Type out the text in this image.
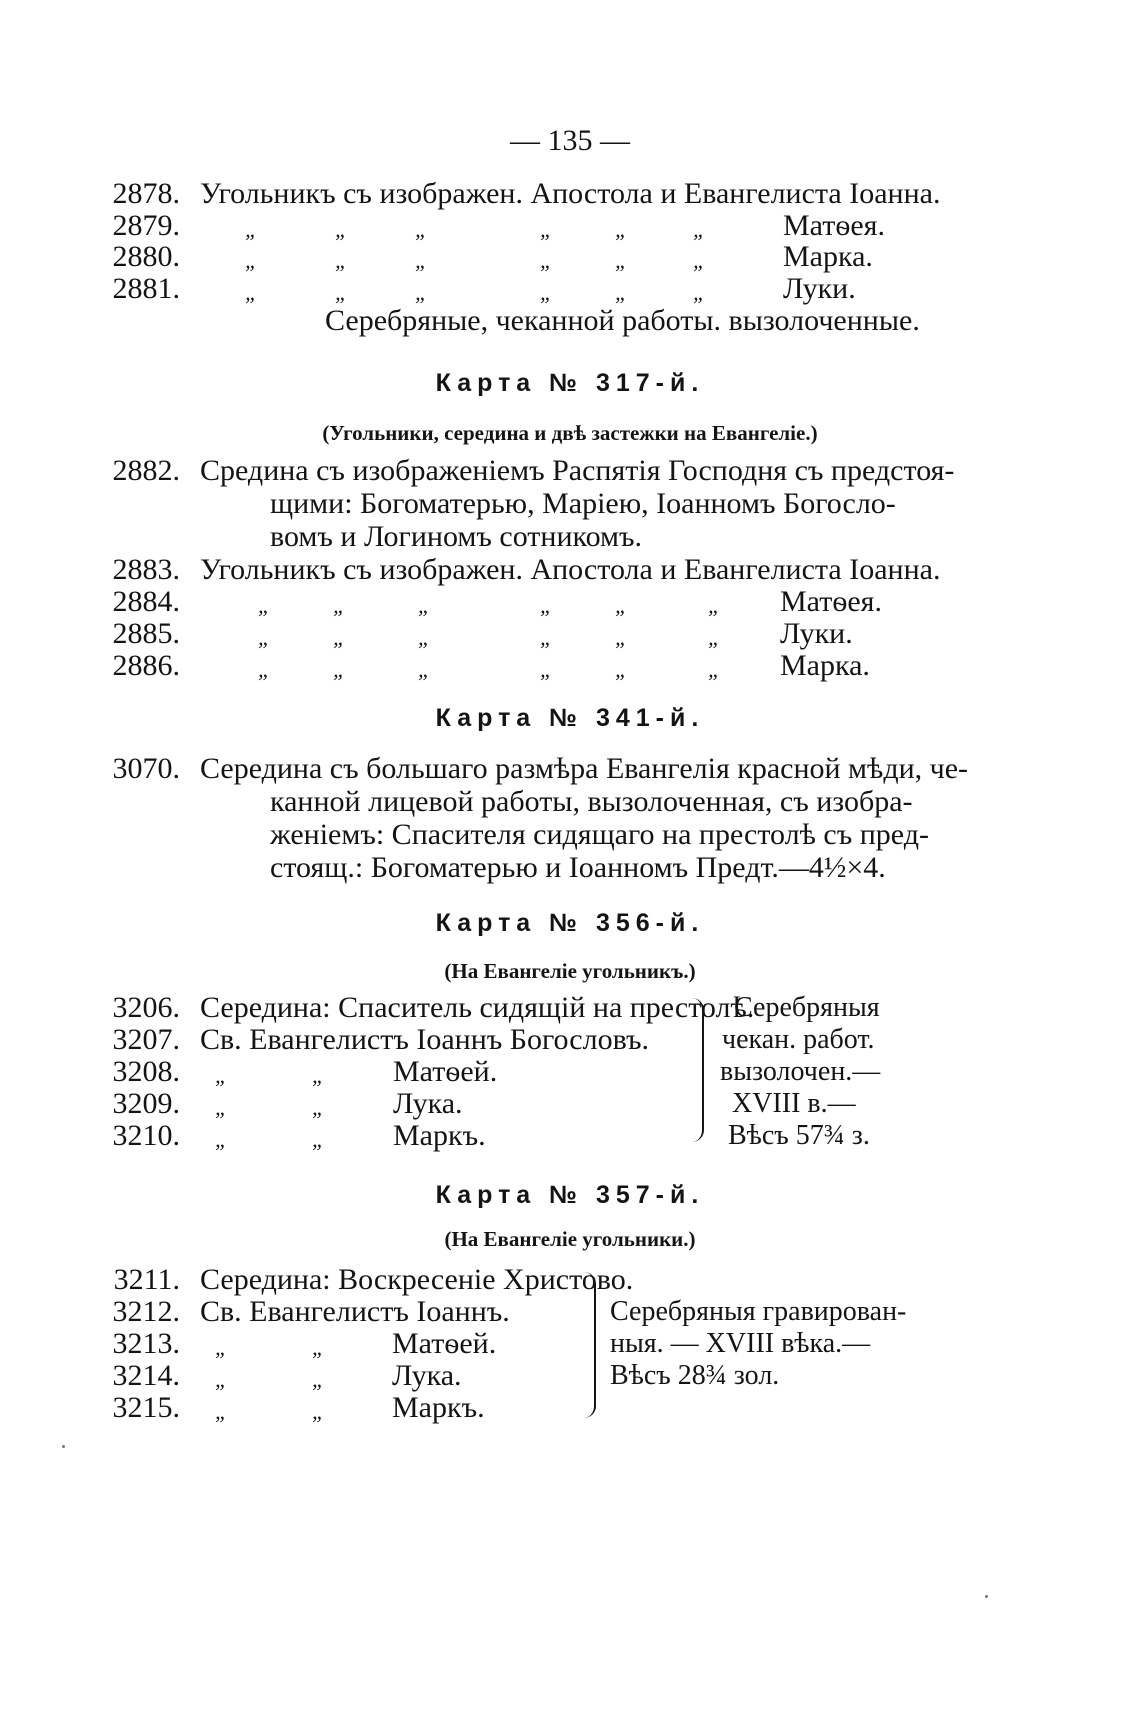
— 135 —
2878. Угольникъ съ изображен. Апостола и Евангелиста Іоанна.
2879.	„	„	„	„	„	„	Матѳея.
2880.	„	„	„	„	„	„	Марка.
2881.	„	„	„	„	„	„	Луки.
Серебряные, чеканной работы. вызолоченные.
Карта № 317-й.
(Угольники, середина и двѣ застежки на Евангеліе.)
2882. Средина съ изображеніемъ Распятія Господня съ предстоя-
щими: Богоматерью, Маріею, Іоанномъ Богосло-
вомъ и Логиномъ сотникомъ.
2883. Угольникъ съ изображен. Апостола и Евангелиста Іоанна.
2884.	„	„	„	„	„	„ Матѳея.
2885.	„	„	„	„	„	„ Луки.
2886.	„	„	„	„	„	„ Марка.
Карта № 341-й.
3070. Середина съ большаго размѣра Евангелія красной мѣди, че-
канной лицевой работы, вызолоченная, съ изобра-
женіемъ: Спасителя сидящаго на престолѣ съ пред-
стоящ.: Богоматерью и Іоанномъ Предт.—4½×4.
Карта № 356-й.
(На Евангеліе угольникъ.)
3206. Середина: Спаситель сидящій на престолѣ.
3207. Св. Евангелистъ Іоаннъ Богословъ.
3208. „	„ Матѳей.
3209. „	„ Лука.
3210. „	„ Маркъ.
Серебряныя
чекан. работ.
вызолочен.—
XVIII в.—
Вѣсъ 57¾ з.
Карта № 357-й.
(На Евангеліе угольники.)
3211. Середина: Воскресеніе Христово.
3212. Св. Евангелистъ Іоаннъ.
3213. „	„ Матѳей.
3214. „	„ Лука.
3215. „	„ Маркъ.
Серебряныя гравирован-
ныя. — XVIII вѣка.—
Вѣсъ 28¾ зол.
